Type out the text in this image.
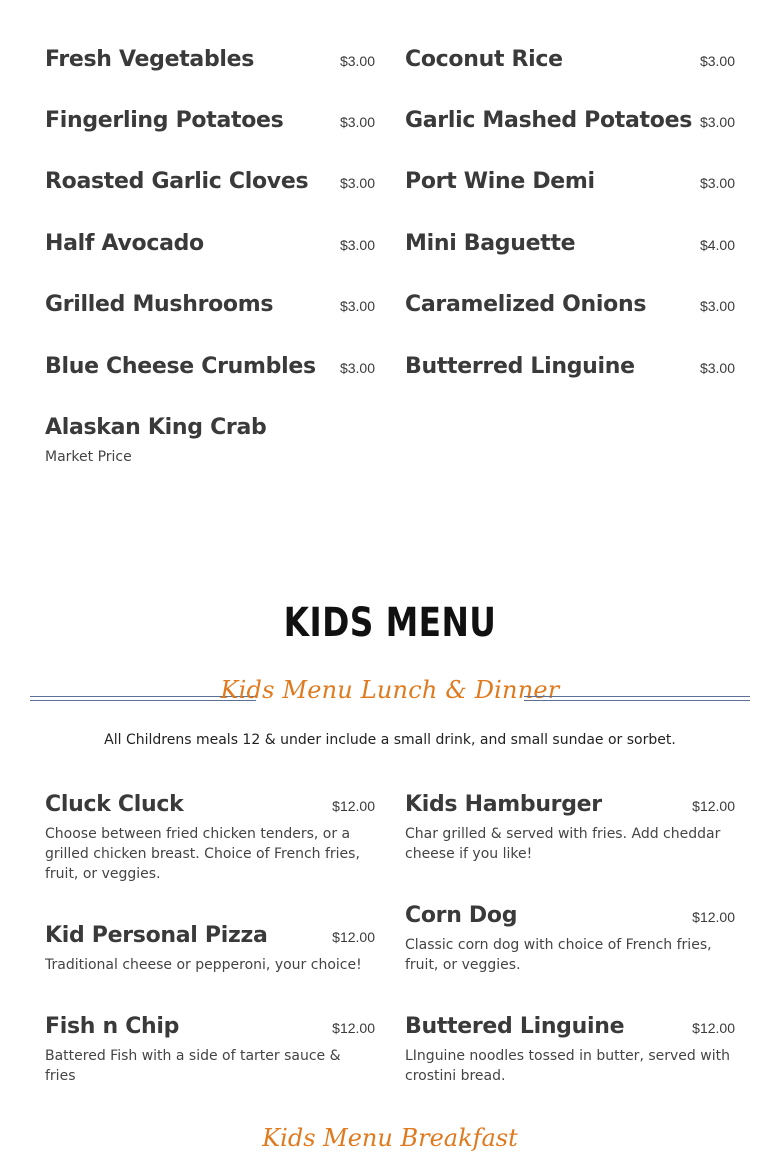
Fresh Vegetables	$3.00
Fingerling Potatoes	$3.00
Roasted Garlic Cloves	$3.00
Half Avocado	$3.00
Grilled Mushrooms	$3.00
Blue Cheese Crumbles	$3.00
Alaskan King Crab
Market Price
Coconut Rice	$3.00
Garlic Mashed Potatoes $3.00
Port Wine Demi	$3.00
Mini Baguette	$4.00
Caramelized Onions	$3.00
Butterred Linguine	$3.00
KIDS MENU
Kids Menu Lunch & Dinner
All Childrens meals 12 & under include a small drink, and small sundae or sorbet.
Cluck Cluck	$12.00
Choose between fried chicken tenders, or a grilled chicken breast. Choice of French fries, fruit, or veggies.
Kid Personal Pizza	$12.00
Traditional cheese or pepperoni, your choice!
Fish n Chip	$12.00
Battered Fish with a side of tarter sauce & fries
Kids Hamburger	$12.00
Char grilled & served with fries. Add cheddar cheese if you like!
Corn Dog	$12.00
Classic corn dog with choice of French fries, fruit, or veggies.
Buttered Linguine	$12.00
LInguine noodles tossed in butter, served with crostini bread.
Kids Menu Breakfast
